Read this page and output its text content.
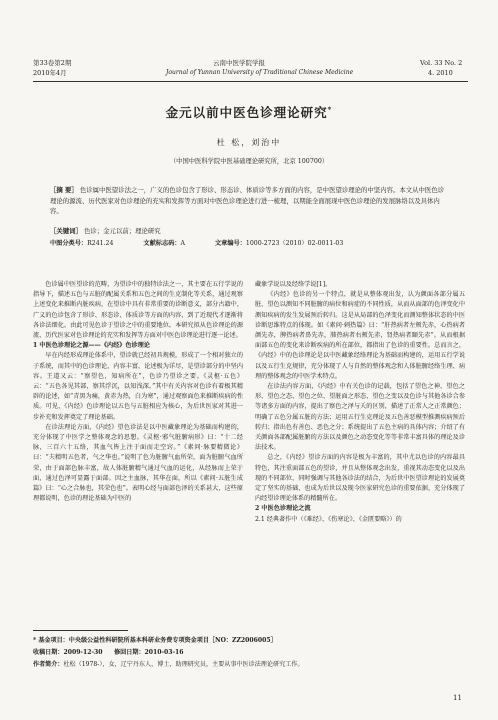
第33卷第2期
2010年4月
云南中医学院学报
Journal of Yunnan University of Traditional Chinese Medicine
Vol. 33 No. 2
4. 2010
金元以前中医色诊理论研究*
杜 松，刘治中
（中国中医科学院中医基础理论研究所，北京 100700）
［摘 要］ 色诊属中医望诊法之一，广义的色诊包含了形诊、形态诊、体质诊等多方面的内容，是中医望诊理论的中坚内容。本文从中医色诊理论的源流、历代医家对色诊理论的充实和发挥等方面对中医色诊理论进行进一梳理，以期能全面展现中医色诊理论的发展脉络以及具体内容。
［关键词］ 色诊；金元以前；理论研究
中图分类号：R241.24	文献标志码：A	文章编号：1000-2723（2010）02-0011-03

色诊属中医望诊的范畴，为望诊中的独特诊法之一，其主要在五行学说的指导下，描述五色与五脏的配属关系和五色之间的生克制化等关系，通过观察上述变化来推断内脏疾病，在望诊中具有非常重要的诊断意义，部分古籍中，广义的色诊包含了形诊、形态诊、体质诊等方面的内容，到了近现代才逐渐将各诊法细化。由此可见色诊于望诊之中的重要地位。本研究拟从色诊理论的源流、历代医家对色诊理论的充实和发挥等方面对中医色诊理论进行逐一论述。

1 中医色诊理论之源——《内经》色诊理论

早在内经形成理论体系中，望诊就已经初具规模，形成了一个相对独立的子系统，而其中的色诊理论，内容丰富，论述极为详尽，是望诊部分的中坚内容。王道又云：“察望色，知病所在”，色诊乃望诊之要。《灵枢·五色》云：“五色各见其部，察其浮沉，以知浅深。”其中有关内容对色诊有着极其精辟的论述，如“青黑为痛，黄赤为热，白为寒”，通过观察面色来推断疾病的性质。可见，《内经》色诊理论以五色与五脏相应为核心，为后世医家对其进一步补充和发挥奠定了理论基础。

在诊法理论方面，《内经》望色诊法是以中医藏象理论为基础而构建的，充分体现了中医学之整体观念的思想。《灵枢·邪气脏腑病形》曰：“十二经脉，三百六十五络，其血气皆上注于面而走空窍。”《素问·脉要精微论》曰：“夫精明五色者，气之华也。”说明了色为脏腑气血所荣，面为脏腑气血所荣，由于面部色脉丰富，故人体脏腑精气通过气血的运化，从经脉而上荣于面，通过色泽可显露于面部。因之主血脉，其华在面，所以《素问·五脏生成篇》曰：“心之合脉也，其荣色也”。表明心经与面部色泽的关系甚大，这些原理都说明，色诊的理论基础为中医的

藏象学说以及经络学说[1]。

《内经》色诊的另一个特点，就是从整体观出发，认为颜面各部分属五脏，望色以测知不同脏腑的病位和病症的不同性质，从而从面部的色泽变化中测知疾病的发生发展预后转归。这是从局部的色泽变化而测知整体状态的中医诊断思维特点的体现。如《素问·刺热篇》曰：“肝热病者左颊先赤，心热病者颜先赤，脾热病者鼻先赤，肺热病者右颊先赤，肾热病者颐先赤”。从而根据面部五色的变化来诊断疾病的所在部位，都指出了色诊的重要性。总而言之，《内经》中的色诊理论是以中医藏象经络理论为基础而构建的，运用五行学说以及五行生克规律，充分体现了人与自然的整体观念和人体脏腑经络生理、病理的整体观念的中医学术特点。

在诊法内容方面，《内经》中有关色诊的记载，包括了望色之神、望色之形、望色之态、望色之位、望脏面之形态、望色之变以及色诊与其他各诊合参等诸多方面的内容，提出了察色之泽与夭的区别，描述了正常人之正常颜色；明确了五色分属五脏的方法；运用五行生克理论及五色善恶模型推测疾病预后转归；指出色有善色、恶色之分；系统提出了五色主病的具体内容；介绍了有关颜面各部配属脏腑的方法以及颜色之动态变化等等非常丰富具体的理论及诊法技术。

总之，《内经》望诊方面的内容是极为丰富的，其中尤以色诊的内容最具特色，其注重面部五色的望诊，并且从整体观念出发，重视其动态变化以及出现的不同部位，同时强调与其他各诊法的结合，为后世中医望诊理论的发展奠定了坚实的基础，也成为后世以及现今医家研究色诊的重要依据，充分体现了内经望诊理论体系的精髓所在。

2 中医色诊理论之流

2.1 经典著作中（《难经》、《伤寒论》、《金匮要略》）的

* 基金项目：中央级公益性科研院所基本科研业务费专项资金项目［NO：ZZ2006005］
收稿日期：2009-12-30 修回日期：2010-03-16
作者简介：杜松（1978-），女，辽宁丹东人，博士，助理研究员，主要从事中医诊法理论研究工作。
11
